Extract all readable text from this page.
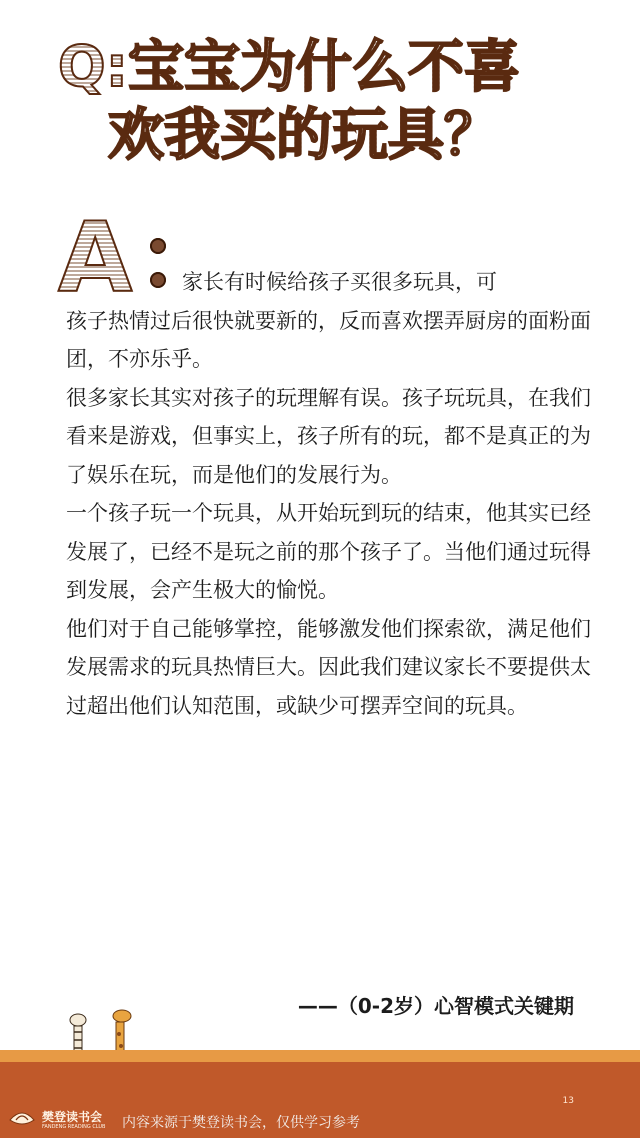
Q:宝宝为什么不喜
欢我买的玩具？
A	家长有时候给孩子买很多玩具，可
孩子热情过后很快就要新的，反而喜欢摆弄厨房的面粉面团，不亦乐乎。

很多家长其实对孩子的玩理解有误。孩子玩玩具，在我们看来是游戏，但事实上，孩子所有的玩，都不是真正的为了娱乐在玩，而是他们的发展行为。

一个孩子玩一个玩具，从开始玩到玩的结束，他其实已经发展了，已经不是玩之前的那个孩子了。当他们通过玩得到发展，会产生极大的愉悦。

他们对于自己能够掌控，能够激发他们探索欲，满足他们发展需求的玩具热情巨大。因此我们建议家长不要提供太过超出他们认知范围，或缺少可摆弄空间的玩具。

——（0-2岁）心智模式关键期
樊登读书会
FANDENG READING CLUB
13
内容来源于樊登读书会，仅供学习参考
